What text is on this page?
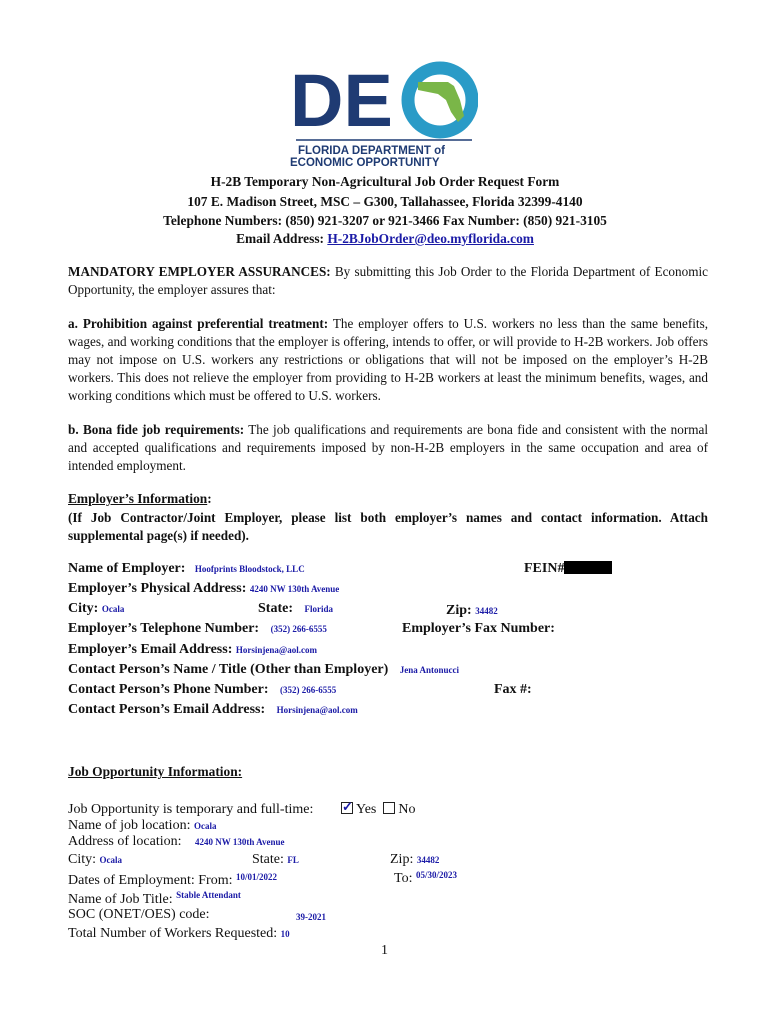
DE
FLORIDA DEPARTMENT of
ECONOMIC OPPORTUNITY
H-2B Temporary Non-Agricultural Job Order Request Form
107 E. Madison Street, MSC – G300, Tallahassee, Florida 32399-4140
Telephone Numbers: (850) 921-3207 or 921-3466 Fax Number: (850) 921-3105
Email Address: H-2BJobOrder@deo.myflorida.com
MANDATORY EMPLOYER ASSURANCES: By submitting this Job Order to the Florida Department of Economic Opportunity, the employer assures that:
a. Prohibition against preferential treatment: The employer offers to U.S. workers no less than the same benefits, wages, and working conditions that the employer is offering, intends to offer, or will provide to H-2B workers. Job offers may not impose on U.S. workers any restrictions or obligations that will not be imposed on the employer’s H-2B workers. This does not relieve the employer from providing to H-2B workers at least the minimum benefits, wages, and working conditions which must be offered to U.S. workers.
b. Bona fide job requirements: The job qualifications and requirements are bona fide and consistent with the normal and accepted qualifications and requirements imposed by non-H-2B employers in the same occupation and area of intended employment.
Employer’s Information:
(If Job Contractor/Joint Employer, please list both employer’s names and contact information. Attach supplemental page(s) if needed).
Name of Employer: Hoofprints Bloodstock, LLC	FEIN#
Employer’s Physical Address: 4240 NW 130th Avenue
City: Ocala	State: Florida	Zip: 34482
Employer’s Telephone Number: (352) 266-6555	Employer’s Fax Number:
Employer’s Email Address: Horsinjena@aol.com
Contact Person’s Name / Title (Other than Employer) Jena Antonucci
Contact Person’s Phone Number: (352) 266-6555	Fax #:
Contact Person’s Email Address: Horsinjena@aol.com
Job Opportunity Information:
Job Opportunity is temporary and full-time:
✓	Yes No
Name of job location: Ocala
Address of location: 4240 NW 130th Avenue
City: Ocala	State: FL	Zip: 34482
Dates of Employment: From: $^{10/01/2022}$	To: $^{05/30/2023}$
Name of Job Title: $^{Stable Attendant}$
SOC (ONET/OES) code:	39-2021
Total Number of Workers Requested: 10
1
